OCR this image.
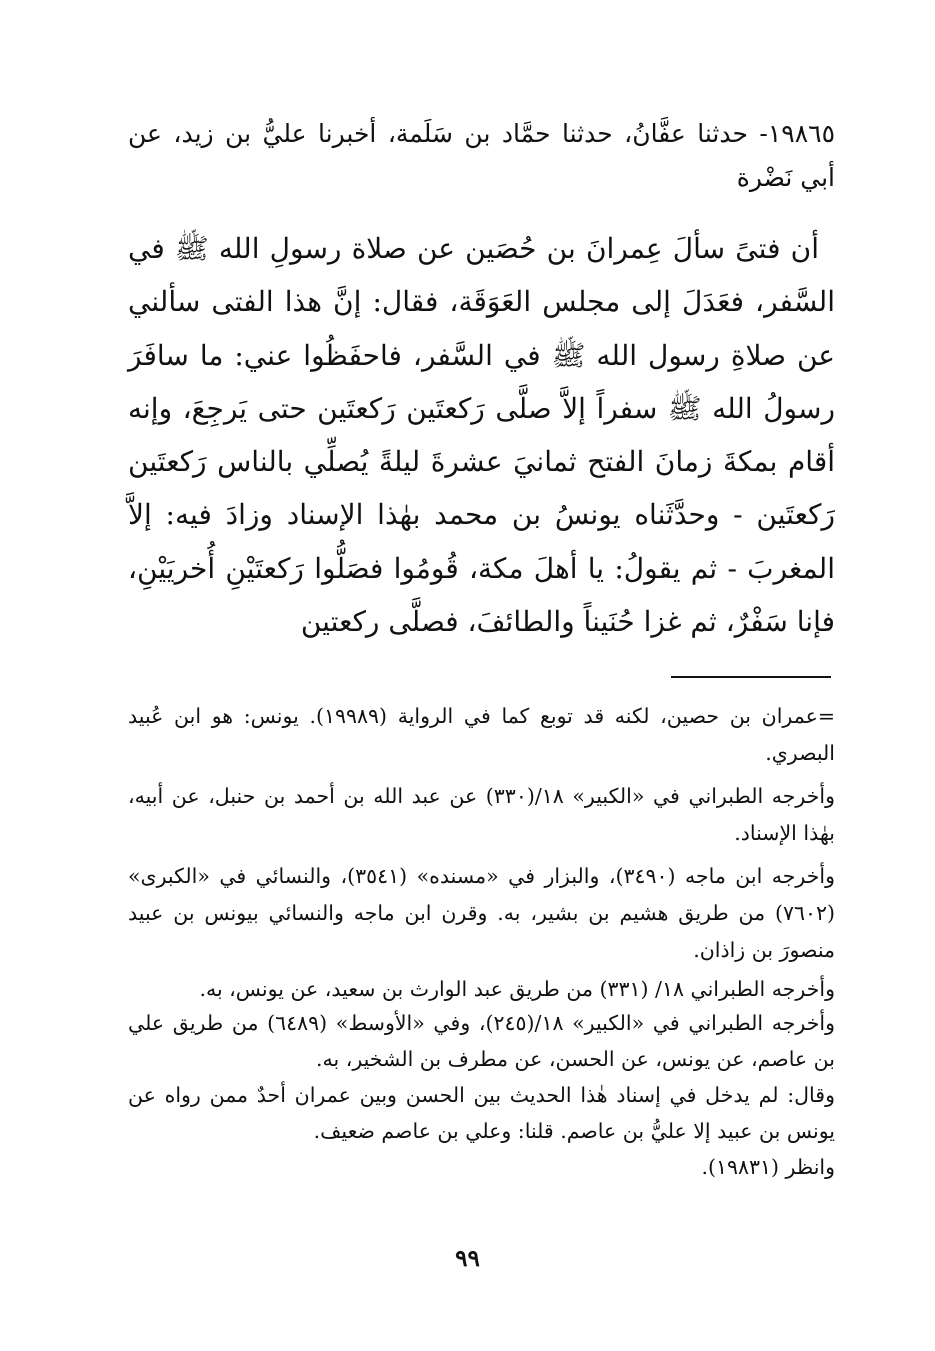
١٩٨٦٥- حدثنا عفَّانُ، حدثنا حمَّاد بن سَلَمة، أخبرنا عليُّ بن زيد، عن أبي نَضْرة

أن فتىً سألَ عِمرانَ بن حُصَين عن صلاة رسولِ الله ﷺ في السَّفر، فعَدَلَ إلى مجلس العَوَقَة، فقال: إنَّ هذا الفتى سألني عن صلاةِ رسول الله ﷺ في السَّفر، فاحفَظُوا عني: ما سافَرَ رسولُ الله ﷺ سفراً إلاَّ صلَّى رَكعتَين رَكعتَين حتى يَرجِعَ، وإنه أقام بمكةَ زمانَ الفتح ثمانيَ عشرةَ ليلةً يُصلِّي بالناس رَكعتَين رَكعتَين - وحدَّثَناه يونسُ بن محمد بهٰذا الإسناد وزادَ فيه: إلاَّ المغربَ - ثم يقولُ: يا أهلَ مكة، قُومُوا فصَلُّوا رَكعتَيْنِ أُخريَيْنِ، فإنا سَفْرٌ، ثم غزا حُنَيناً والطائفَ، فصلَّى ركعتين

=عمران بن حصين، لكنه قد توبع كما في الرواية (١٩٩٨٩). يونس: هو ابن عُبيد البصري.

وأخرجه الطبراني في «الكبير» ١٨/(٣٣٠) عن عبد الله بن أحمد بن حنبل، عن أبيه، بهٰذا الإسناد.

وأخرجه ابن ماجه (٣٤٩٠)، والبزار في «مسنده» (٣٥٤١)، والنسائي في «الكبرى» (٧٦٠٢) من طريق هشيم بن بشير، به. وقرن ابن ماجه والنسائي بيونس بن عبيد منصورَ بن زاذان.

وأخرجه الطبراني ١٨/ (٣٣١) من طريق عبد الوارث بن سعيد، عن يونس، به.

وأخرجه الطبراني في «الكبير» ١٨/(٢٤٥)، وفي «الأوسط» (٦٤٨٩) من طريق علي بن عاصم، عن يونس، عن الحسن، عن مطرف بن الشخير، به.

وقال: لم يدخل في إسناد هٰذا الحديث بين الحسن وبين عمران أحدٌ ممن رواه عن يونس بن عبيد إلا عليُّ بن عاصم. قلنا: وعلي بن عاصم ضعيف.

وانظر (١٩٨٣١).

٩٩
